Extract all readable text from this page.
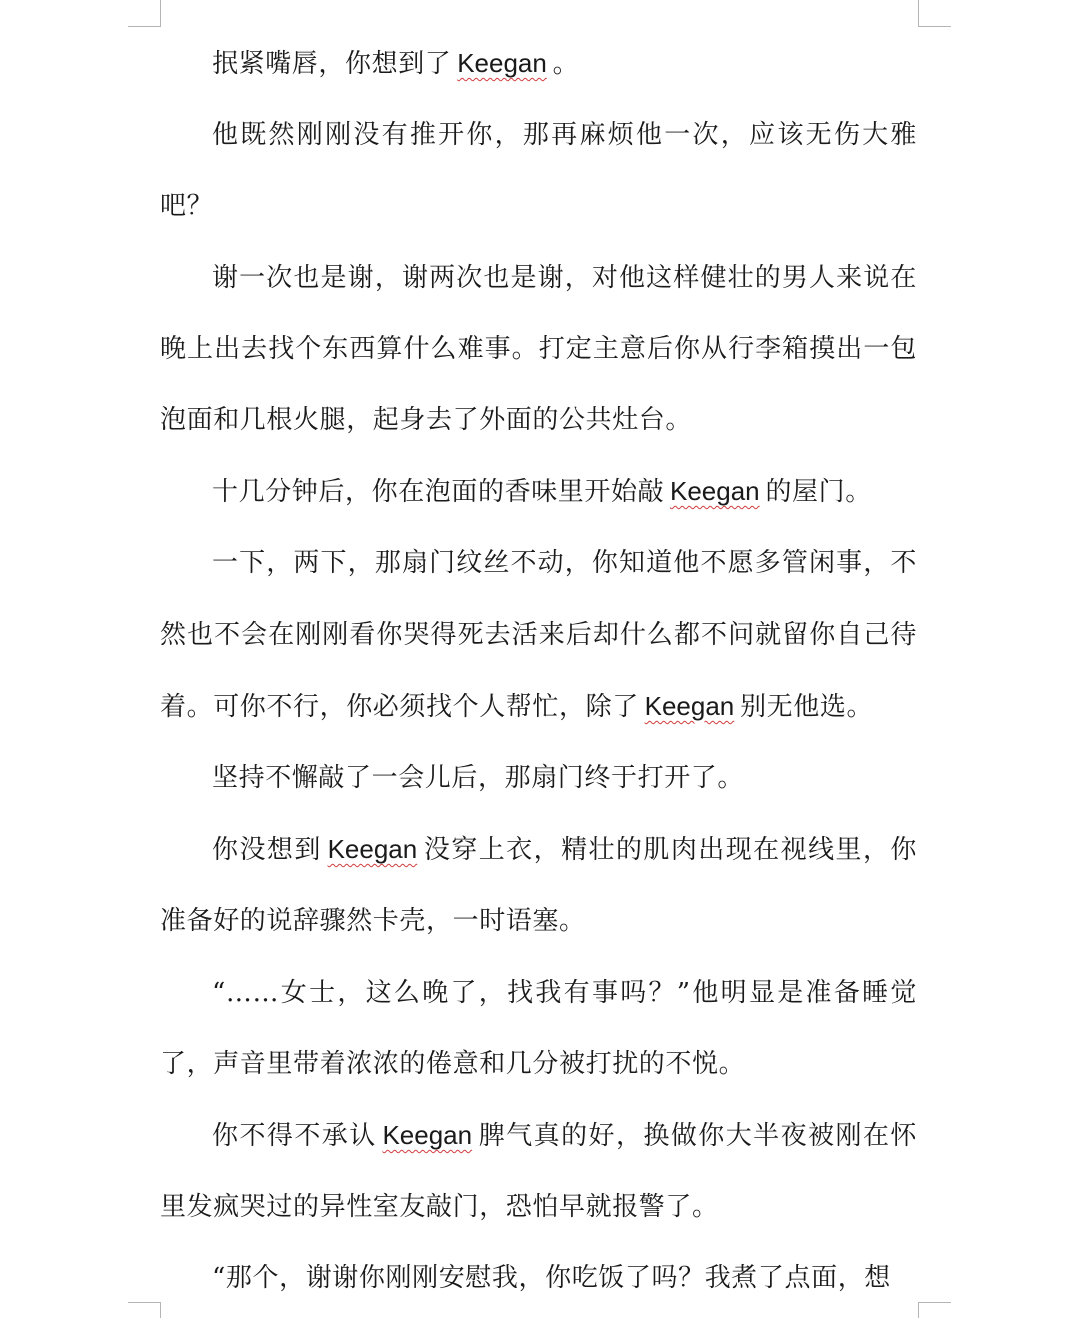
抿紧嘴唇，你想到了  Keegan  。

他既然刚刚没有推开你，那再麻烦他一次，应该无伤大雅吧？

谢一次也是谢，谢两次也是谢，对他这样健壮的男人来说在晚上出去找个东西算什么难事。打定主意后你从行李箱摸出一包泡面和几根火腿，起身去了外面的公共灶台。

十几分钟后，你在泡面的香味里开始敲  Keegan  的屋门。

一下，两下，那扇门纹丝不动，你知道他不愿多管闲事，不然也不会在刚刚看你哭得死去活来后却什么都不问就留你自己待着。可你不行，你必须找个人帮忙，除了  Keegan  别无他选。

坚持不懈敲了一会儿后，那扇门终于打开了。

你没想到  Keegan  没穿上衣，精壮的肌肉出现在视线里，你准备好的说辞骤然卡壳，一时语塞。

“……女士，这么晚了，找我有事吗？”他明显是准备睡觉了，声音里带着浓浓的倦意和几分被打扰的不悦。

你不得不承认  Keegan  脾气真的好，换做你大半夜被刚在怀里发疯哭过的异性室友敲门，恐怕早就报警了。

“那个，谢谢你刚刚安慰我，你吃饭了吗？我煮了点面，想
